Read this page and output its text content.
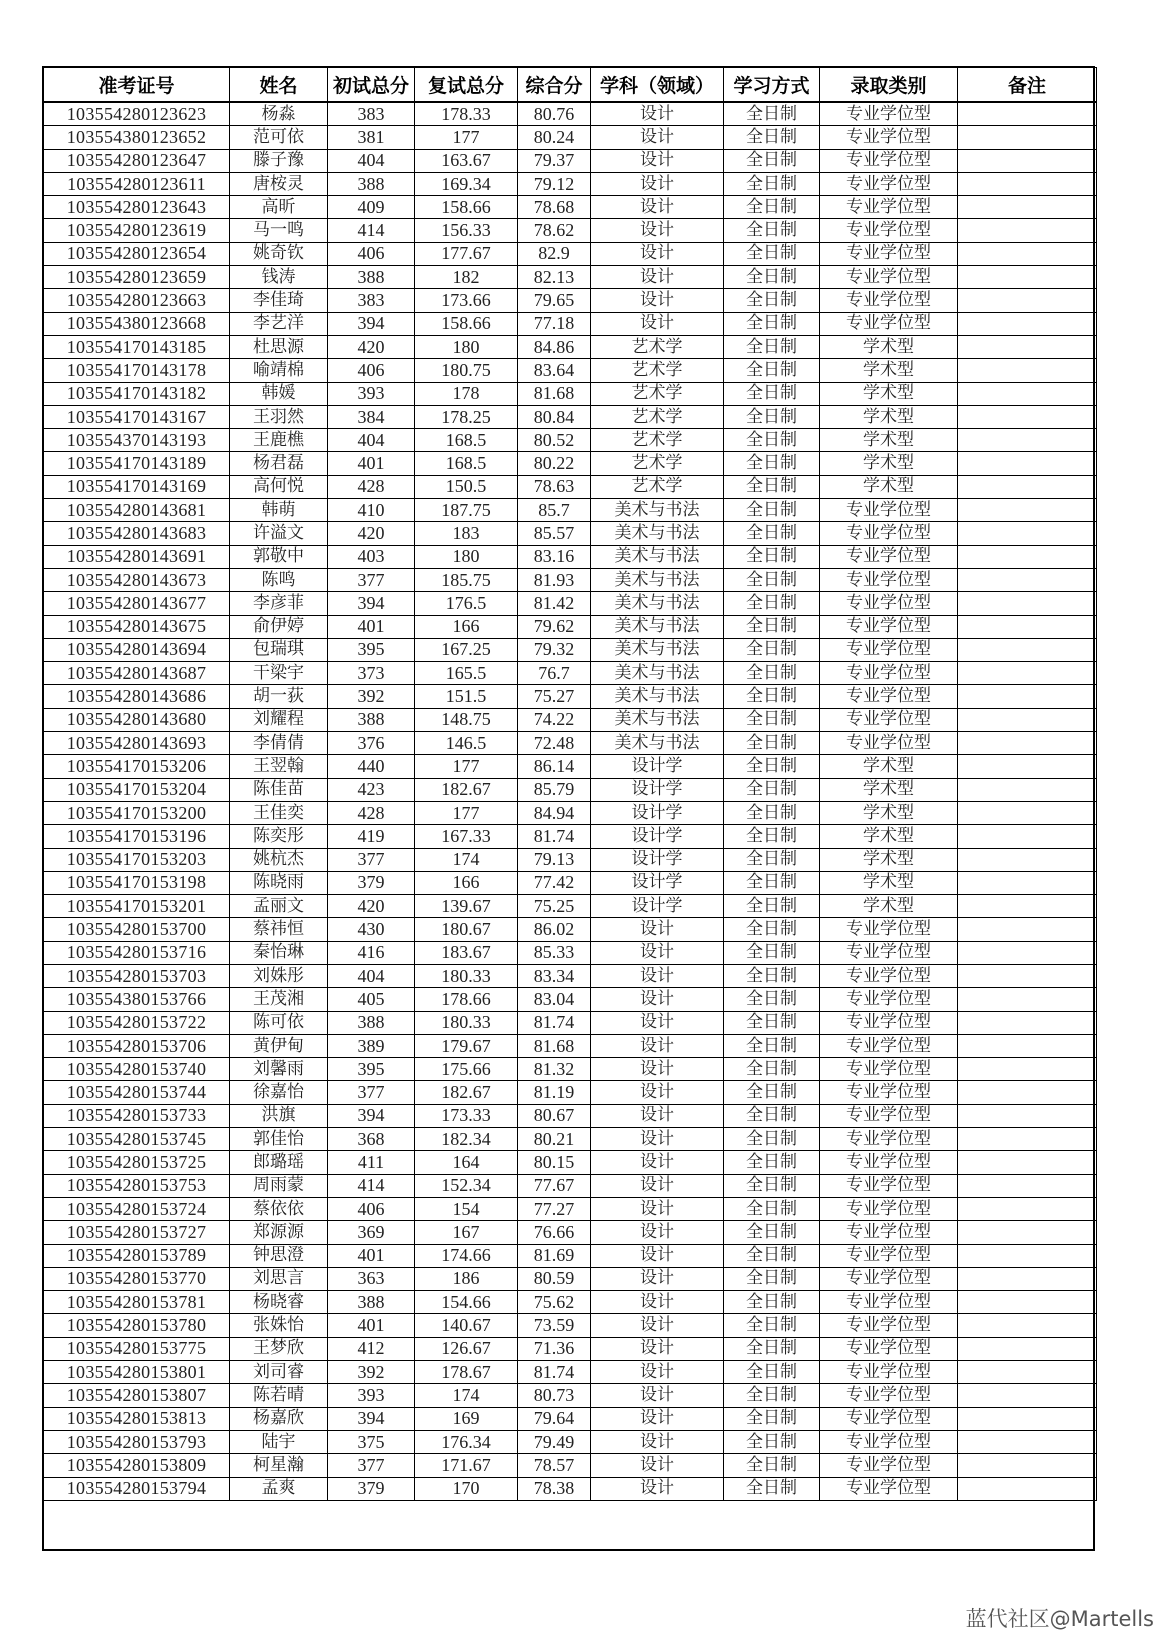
准考证号	姓名	初试总分	复试总分	综合分	学科（领域）	学习方式	录取类别	备注
103554280123623	杨淼	383	178.33	80.76	设计	全日制	专业学位型	
103554380123652	范可依	381	177	80.24	设计	全日制	专业学位型	
103554280123647	滕子豫	404	163.67	79.37	设计	全日制	专业学位型	
103554280123611	唐桉灵	388	169.34	79.12	设计	全日制	专业学位型	
103554280123643	高昕	409	158.66	78.68	设计	全日制	专业学位型	
103554280123619	马一鸣	414	156.33	78.62	设计	全日制	专业学位型	
103554280123654	姚奇钦	406	177.67	82.9	设计	全日制	专业学位型	
103554280123659	钱涛	388	182	82.13	设计	全日制	专业学位型	
103554280123663	李佳琦	383	173.66	79.65	设计	全日制	专业学位型	
103554380123668	李艺洋	394	158.66	77.18	设计	全日制	专业学位型	
103554170143185	杜思源	420	180	84.86	艺术学	全日制	学术型	
103554170143178	喻靖棉	406	180.75	83.64	艺术学	全日制	学术型	
103554170143182	韩媛	393	178	81.68	艺术学	全日制	学术型	
103554170143167	王羽然	384	178.25	80.84	艺术学	全日制	学术型	
103554370143193	王鹿樵	404	168.5	80.52	艺术学	全日制	学术型	
103554170143189	杨君磊	401	168.5	80.22	艺术学	全日制	学术型	
103554170143169	高何悦	428	150.5	78.63	艺术学	全日制	学术型	
103554280143681	韩萌	410	187.75	85.7	美术与书法	全日制	专业学位型	
103554280143683	许溢文	420	183	85.57	美术与书法	全日制	专业学位型	
103554280143691	郭敬中	403	180	83.16	美术与书法	全日制	专业学位型	
103554280143673	陈鸣	377	185.75	81.93	美术与书法	全日制	专业学位型	
103554280143677	李彦菲	394	176.5	81.42	美术与书法	全日制	专业学位型	
103554280143675	俞伊婷	401	166	79.62	美术与书法	全日制	专业学位型	
103554280143694	包瑞琪	395	167.25	79.32	美术与书法	全日制	专业学位型	
103554280143687	干梁宇	373	165.5	76.7	美术与书法	全日制	专业学位型	
103554280143686	胡一荻	392	151.5	75.27	美术与书法	全日制	专业学位型	
103554280143680	刘耀程	388	148.75	74.22	美术与书法	全日制	专业学位型	
103554280143693	李倩倩	376	146.5	72.48	美术与书法	全日制	专业学位型	
103554170153206	王翌翰	440	177	86.14	设计学	全日制	学术型	
103554170153204	陈佳苗	423	182.67	85.79	设计学	全日制	学术型	
103554170153200	王佳奕	428	177	84.94	设计学	全日制	学术型	
103554170153196	陈奕彤	419	167.33	81.74	设计学	全日制	学术型	
103554170153203	姚杭杰	377	174	79.13	设计学	全日制	学术型	
103554170153198	陈晓雨	379	166	77.42	设计学	全日制	学术型	
103554170153201	孟丽文	420	139.67	75.25	设计学	全日制	学术型	
103554280153700	蔡祎恒	430	180.67	86.02	设计	全日制	专业学位型	
103554280153716	秦怡琳	416	183.67	85.33	设计	全日制	专业学位型	
103554280153703	刘姝彤	404	180.33	83.34	设计	全日制	专业学位型	
103554380153766	王茂湘	405	178.66	83.04	设计	全日制	专业学位型	
103554280153722	陈可依	388	180.33	81.74	设计	全日制	专业学位型	
103554280153706	黄伊甸	389	179.67	81.68	设计	全日制	专业学位型	
103554280153740	刘馨雨	395	175.66	81.32	设计	全日制	专业学位型	
103554280153744	徐嘉怡	377	182.67	81.19	设计	全日制	专业学位型	
103554280153733	洪旗	394	173.33	80.67	设计	全日制	专业学位型	
103554280153745	郭佳怡	368	182.34	80.21	设计	全日制	专业学位型	
103554280153725	郎璐瑶	411	164	80.15	设计	全日制	专业学位型	
103554280153753	周雨蒙	414	152.34	77.67	设计	全日制	专业学位型	
103554280153724	蔡依依	406	154	77.27	设计	全日制	专业学位型	
103554280153727	郑源源	369	167	76.66	设计	全日制	专业学位型	
103554280153789	钟思澄	401	174.66	81.69	设计	全日制	专业学位型	
103554280153770	刘思言	363	186	80.59	设计	全日制	专业学位型	
103554280153781	杨晓睿	388	154.66	75.62	设计	全日制	专业学位型	
103554280153780	张姝怡	401	140.67	73.59	设计	全日制	专业学位型	
103554280153775	王梦欣	412	126.67	71.36	设计	全日制	专业学位型	
103554280153801	刘司睿	392	178.67	81.74	设计	全日制	专业学位型	
103554280153807	陈若晴	393	174	80.73	设计	全日制	专业学位型	
103554280153813	杨嘉欣	394	169	79.64	设计	全日制	专业学位型	
103554280153793	陆宇	375	176.34	79.49	设计	全日制	专业学位型	
103554280153809	柯星瀚	377	171.67	78.57	设计	全日制	专业学位型	
103554280153794	孟爽	379	170	78.38	设计	全日制	专业学位型	
蓝代社区@Martells
